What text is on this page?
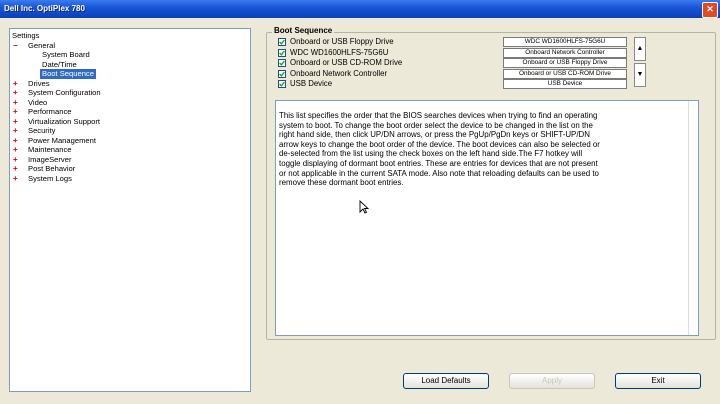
Dell Inc. OptiPlex 780	✕
Settings
−	General
System Board
Date/Time
Boot Sequence
+	Drives
+	System Configuration
+	Video
+	Performance
+	Virtualization Support
+	Security
+	Power Management
+	Maintenance
+	ImageServer
+	Post Behavior
+	System Logs
Boot Sequence
Onboard or USB Floppy Drive	WDC WD1600HLFS-75G6U
WDC WD1600HLFS-75G6U	Onboard Network Controller
Onboard or USB CD-ROM Drive	Onboard or USB Floppy Drive
Onboard Network Controller	Onboard or USB CD-ROM Drive
USB Device	USB Device
▲
▼
This list specifies the order that the BIOS searches devices when trying to find an operating
system to boot. To change the boot order select the device to be changed in the list on the
right hand side, then click UP/DN arrows, or press the PgUp/PgDn keys or SHIFT-UP/DN
arrow keys to change the boot order of the device. The boot devices can also be selected or
de-selected from the list using the check boxes on the left hand side.The F7 hotkey will
toggle displaying of dormant boot entries. These are entries for devices that are not present
or not applicable in the current SATA mode. Also note that reloading defaults can be used to
remove these dormant boot entries.
Load Defaults	Apply	Exit
